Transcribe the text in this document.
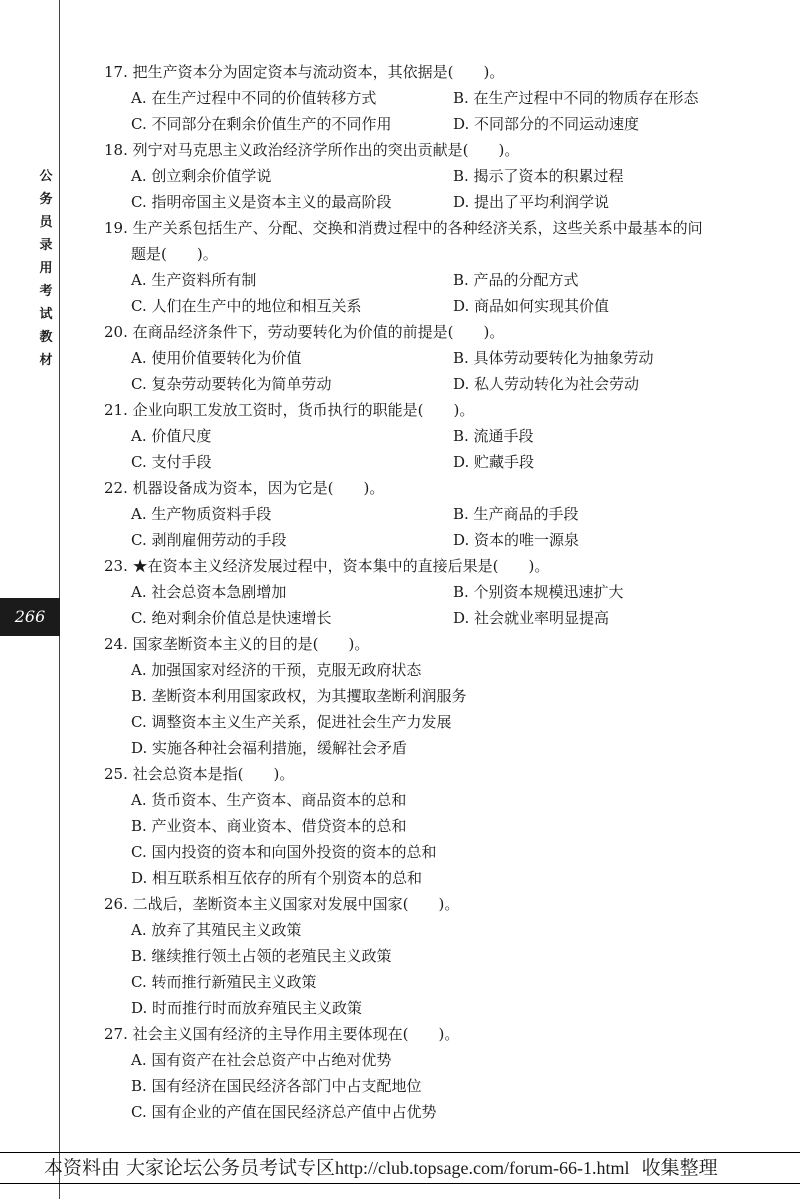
公
务
员
录
用
考
试
教
材
266
17. 把生产资本分为固定资本与流动资本，其依据是(　　)。
A. 在生产过程中不同的价值转移方式	B. 在生产过程中不同的物质存在形态
C. 不同部分在剩余价值生产的不同作用	D. 不同部分的不同运动速度
18. 列宁对马克思主义政治经济学所作出的突出贡献是(　　)。
A. 创立剩余价值学说	B. 揭示了资本的积累过程
C. 指明帝国主义是资本主义的最高阶段	D. 提出了平均利润学说
19. 生产关系包括生产、分配、交换和消费过程中的各种经济关系，这些关系中最基本的问
题是(　　)。
A. 生产资料所有制	B. 产品的分配方式
C. 人们在生产中的地位和相互关系	D. 商品如何实现其价值
20. 在商品经济条件下，劳动要转化为价值的前提是(　　)。
A. 使用价值要转化为价值	B. 具体劳动要转化为抽象劳动
C. 复杂劳动要转化为简单劳动	D. 私人劳动转化为社会劳动
21. 企业向职工发放工资时，货币执行的职能是(　　)。
A. 价值尺度	B. 流通手段
C. 支付手段	D. 贮藏手段
22. 机器设备成为资本，因为它是(　　)。
A. 生产物质资料手段	B. 生产商品的手段
C. 剥削雇佣劳动的手段	D. 资本的唯一源泉
23. ★在资本主义经济发展过程中，资本集中的直接后果是(　　)。
A. 社会总资本急剧增加	B. 个别资本规模迅速扩大
C. 绝对剩余价值总是快速增长	D. 社会就业率明显提高
24. 国家垄断资本主义的目的是(　　)。
A. 加强国家对经济的干预，克服无政府状态
B. 垄断资本利用国家政权，为其攫取垄断利润服务
C. 调整资本主义生产关系，促进社会生产力发展
D. 实施各种社会福利措施，缓解社会矛盾
25. 社会总资本是指(　　)。
A. 货币资本、生产资本、商品资本的总和
B. 产业资本、商业资本、借贷资本的总和
C. 国内投资的资本和向国外投资的资本的总和
D. 相互联系相互依存的所有个别资本的总和
26. 二战后，垄断资本主义国家对发展中国家(　　)。
A. 放弃了其殖民主义政策
B. 继续推行领土占领的老殖民主义政策
C. 转而推行新殖民主义政策
D. 时而推行时而放弃殖民主义政策
27. 社会主义国有经济的主导作用主要体现在(　　)。
A. 国有资产在社会总资产中占绝对优势
B. 国有经济在国民经济各部门中占支配地位
C. 国有企业的产值在国民经济总产值中占优势
本资料由 大家论坛公务员考试专区http://club.topsage.com/forum-66-1.html 收集整理
